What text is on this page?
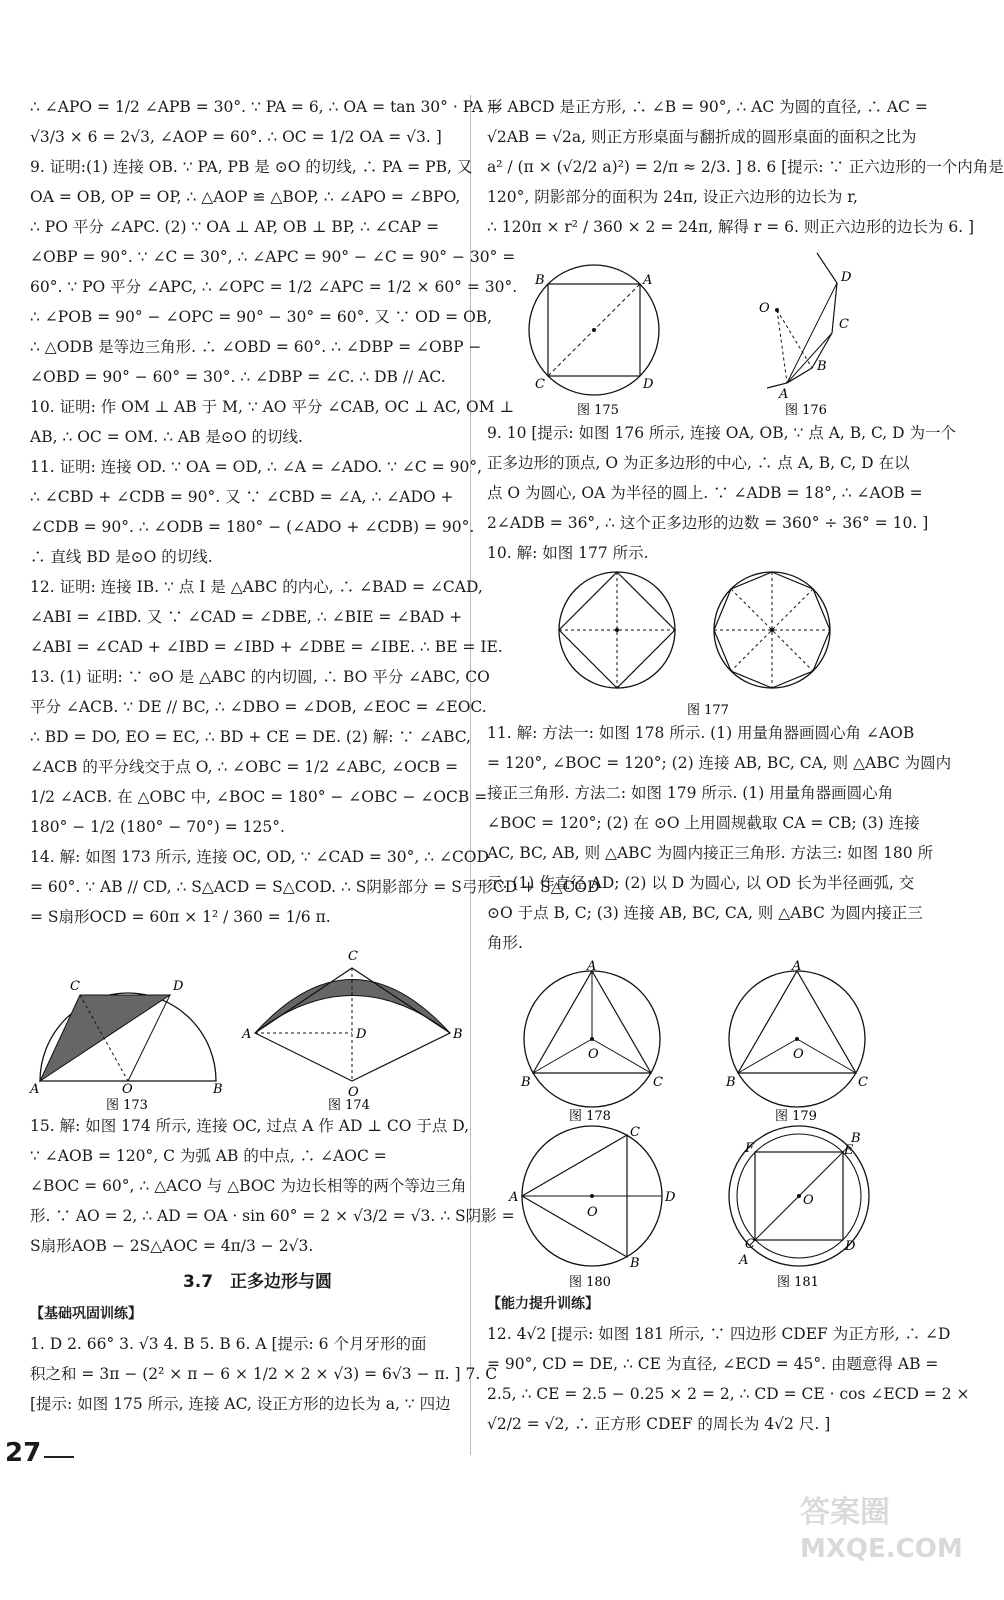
∴ ∠APO = 1/2 ∠APB = 30°. ∵ PA = 6, ∴ OA = tan 30° · PA =
√3/3 × 6 = 2√3, ∠AOP = 60°. ∴ OC = 1/2 OA = √3. ]
9. 证明:(1) 连接 OB. ∵ PA, PB 是 ⊙O 的切线, ∴ PA = PB, 又
OA = OB, OP = OP, ∴ △AOP ≌ △BOP, ∴ ∠APO = ∠BPO,
∴ PO 平分 ∠APC. (2) ∵ OA ⊥ AP, OB ⊥ BP, ∴ ∠CAP =
∠OBP = 90°. ∵ ∠C = 30°, ∴ ∠APC = 90° − ∠C = 90° − 30° =
60°. ∵ PO 平分 ∠APC, ∴ ∠OPC = 1/2 ∠APC = 1/2 × 60° = 30°.
∴ ∠POB = 90° − ∠OPC = 90° − 30° = 60°. 又 ∵ OD = OB,
∴ △ODB 是等边三角形. ∴ ∠OBD = 60°. ∴ ∠DBP = ∠OBP −
∠OBD = 90° − 60° = 30°. ∴ ∠DBP = ∠C. ∴ DB // AC.
10. 证明: 作 OM ⊥ AB 于 M, ∵ AO 平分 ∠CAB, OC ⊥ AC, OM ⊥
AB, ∴ OC = OM. ∴ AB 是⊙O 的切线.
11. 证明: 连接 OD. ∵ OA = OD, ∴ ∠A = ∠ADO. ∵ ∠C = 90°,
∴ ∠CBD + ∠CDB = 90°. 又 ∵ ∠CBD = ∠A, ∴ ∠ADO +
∠CDB = 90°. ∴ ∠ODB = 180° − (∠ADO + ∠CDB) = 90°.
∴ 直线 BD 是⊙O 的切线.
12. 证明: 连接 IB. ∵ 点 I 是 △ABC 的内心, ∴ ∠BAD = ∠CAD,
∠ABI = ∠IBD. 又 ∵ ∠CAD = ∠DBE, ∴ ∠BIE = ∠BAD +
∠ABI = ∠CAD + ∠IBD = ∠IBD + ∠DBE = ∠IBE. ∴ BE = IE.
13. (1) 证明: ∵ ⊙O 是 △ABC 的内切圆, ∴ BO 平分 ∠ABC, CO
平分 ∠ACB. ∵ DE // BC, ∴ ∠DBO = ∠DOB, ∠EOC = ∠EOC.
∴ BD = DO, EO = EC, ∴ BD + CE = DE. (2) 解: ∵ ∠ABC,
∠ACB 的平分线交于点 O, ∴ ∠OBC = 1/2 ∠ABC, ∠OCB =
1/2 ∠ACB. 在 △OBC 中, ∠BOC = 180° − ∠OBC − ∠OCB =
180° − 1/2 (180° − 70°) = 125°.
14. 解: 如图 173 所示, 连接 OC, OD, ∵ ∠CAD = 30°, ∴ ∠COD
= 60°. ∵ AB // CD, ∴ S△ACD = S△COD. ∴ S阴影部分 = S弓形CD + S△COD
= S扇形OCD = 60π × 1² / 360 = 1/6 π.
A	O	B
C	D
A
C
D	B
O
图 173	图 174
15. 解: 如图 174 所示, 连接 OC, 过点 A 作 AD ⊥ CO 于点 D,
∵ ∠AOB = 120°, C 为弧 AB 的中点, ∴ ∠AOC =
∠BOC = 60°, ∴ △ACO 与 △BOC 为边长相等的两个等边三角
形. ∵ AO = 2, ∴ AD = OA · sin 60° = 2 × √3/2 = √3. ∴ S阴影 =
S扇形AOB − 2S△AOC = 4π/3 − 2√3.
3.7　正多边形与圆
【基础巩固训练】
1. D 2. 66° 3. √3 4. B 5. B 6. A [提示: 6 个月牙形的面
积之和 = 3π − (2² × π − 6 × 1/2 × 2 × √3) = 6√3 − π. ] 7. C
[提示: 如图 175 所示, 连接 AC, 设正方形的边长为 a, ∵ 四边
形 ABCD 是正方形, ∴ ∠B = 90°, ∴ AC 为圆的直径, ∴ AC =
√2AB = √2a, 则正方形桌面与翻折成的圆形桌面的面积之比为
a² / (π × (√2/2 a)²) = 2/π ≈ 2/3. ] 8. 6 [提示: ∵ 正六边形的一个内角是
120°, 阴影部分的面积为 24π, 设正六边形的边长为 r,
∴ 120π × r² / 360 × 2 = 24π, 解得 r = 6. 则正六边形的边长为 6. ]
B	A
C	D
D
C
B
A
O
图 175	图 176
9. 10 [提示: 如图 176 所示, 连接 OA, OB, ∵ 点 A, B, C, D 为一个
正多边形的顶点, O 为正多边形的中心, ∴ 点 A, B, C, D 在以
点 O 为圆心, OA 为半径的圆上. ∵ ∠ADB = 18°, ∴ ∠AOB =
2∠ADB = 36°, ∴ 这个正多边形的边数 = 360° ÷ 36° = 10. ]
10. 解: 如图 177 所示.
图 177
11. 解: 方法一: 如图 178 所示. (1) 用量角器画圆心角 ∠AOB
= 120°, ∠BOC = 120°; (2) 连接 AB, BC, CA, 则 △ABC 为圆内
接正三角形. 方法二: 如图 179 所示. (1) 用量角器画圆心角
∠BOC = 120°; (2) 在 ⊙O 上用圆规截取 CA = CB; (3) 连接
AC, BC, AB, 则 △ABC 为圆内接正三角形. 方法三: 如图 180 所
示. (1) 作直径 AD; (2) 以 D 为圆心, 以 OD 长为半径画弧, 交
⊙O 于点 B, C; (3) 连接 AB, BC, CA, 则 △ABC 为圆内接正三
角形.
A
B	C
O
A
B	C
O
图 178	图 179
A	D
C
B
O
F	E
B
C
A
D
O
图 180	图 181
【能力提升训练】
12. 4√2 [提示: 如图 181 所示, ∵ 四边形 CDEF 为正方形, ∴ ∠D
= 90°, CD = DE, ∴ CE 为直径, ∠ECD = 45°. 由题意得 AB =
2.5, ∴ CE = 2.5 − 0.25 × 2 = 2, ∴ CD = CE · cos ∠ECD = 2 ×
√2/2 = √2, ∴ 正方形 CDEF 的周长为 4√2 尺. ]
27
答案圈
MXQE.COM
